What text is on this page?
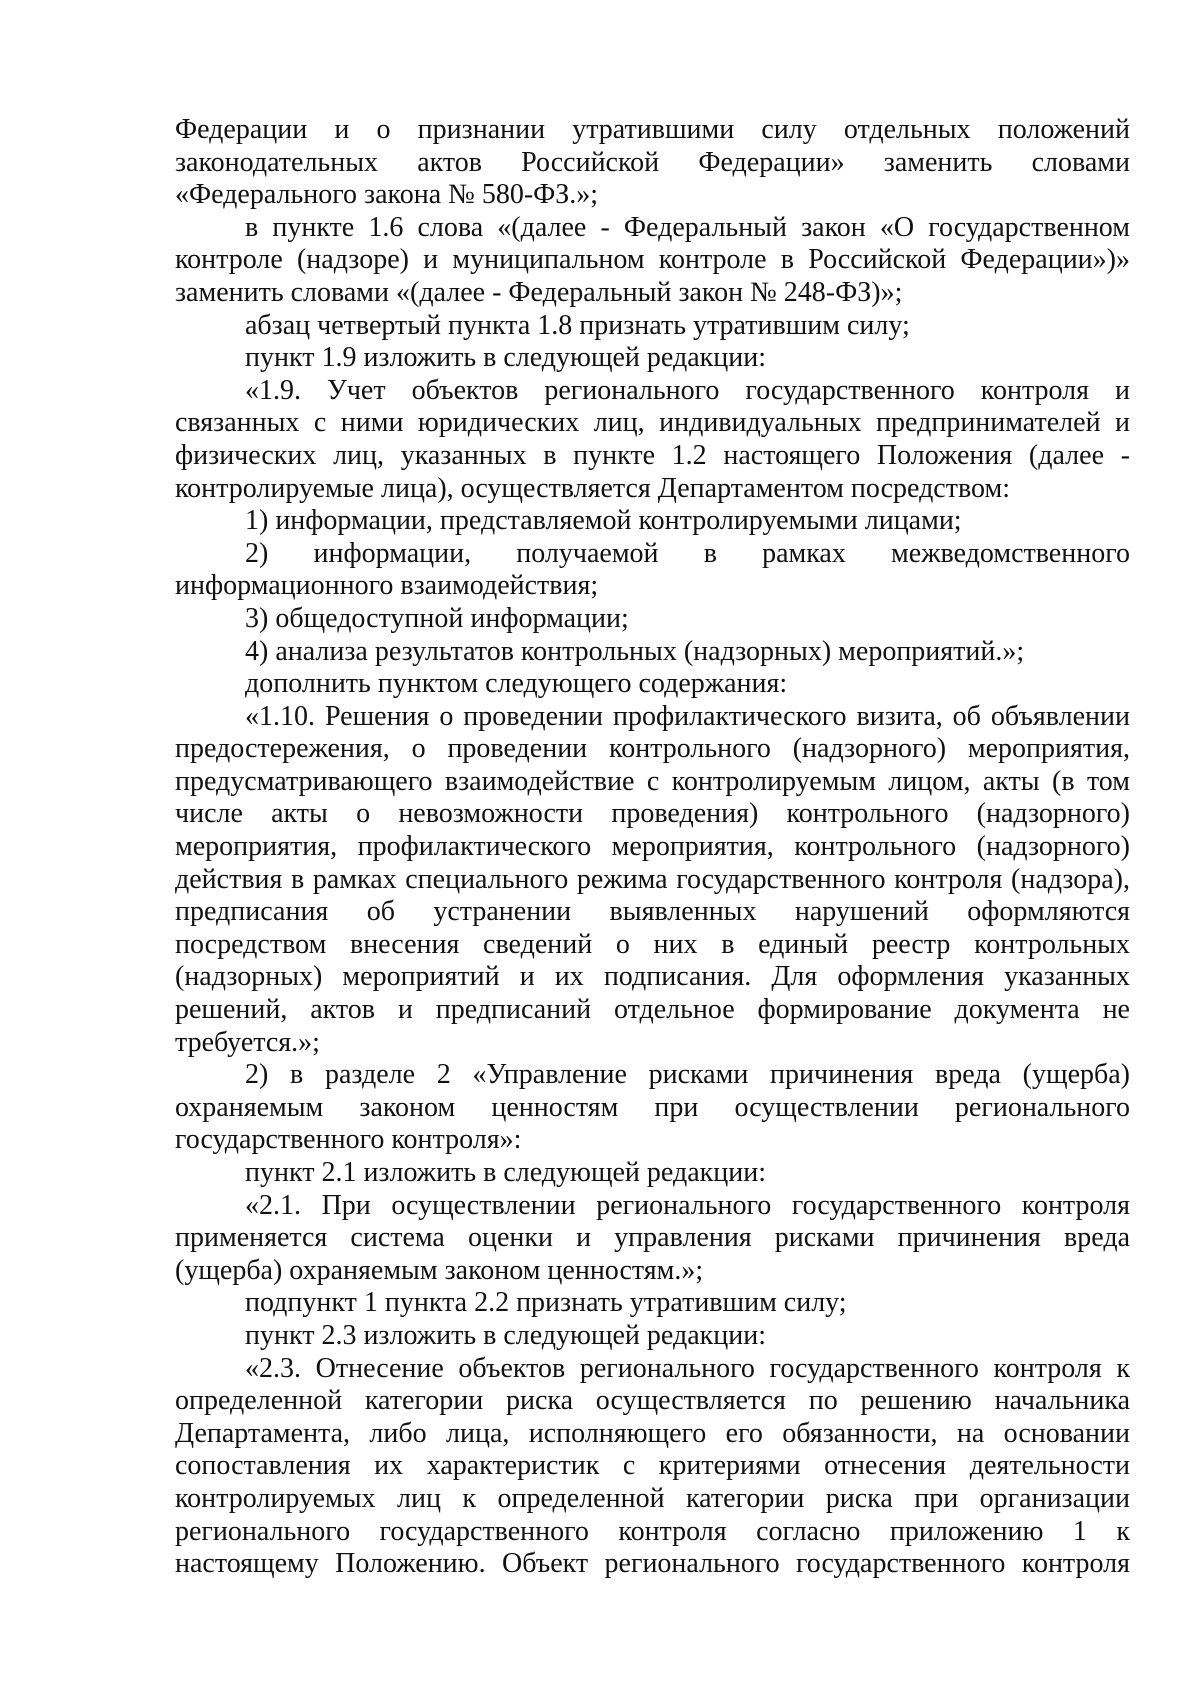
Федерации и о признании утратившими силу отдельных положений законодательных актов Российской Федерации» заменить словами «Федерального закона № 580-ФЗ.»;

в пункте 1.6 слова «(далее - Федеральный закон «О государственном контроле (надзоре) и муниципальном контроле в Российской Федерации»)» заменить словами «(далее - Федеральный закон № 248-ФЗ)»;

абзац четвертый пункта 1.8 признать утратившим силу;

пункт 1.9 изложить в следующей редакции:

«1.9. Учет объектов регионального государственного контроля и связанных с ними юридических лиц, индивидуальных предпринимателей и физических лиц, указанных в пункте 1.2 настоящего Положения (далее - контролируемые лица), осуществляется Департаментом посредством:

1) информации, представляемой контролируемыми лицами;

2) информации, получаемой в рамках межведомственного информационного взаимодействия;

3) общедоступной информации;

4) анализа результатов контрольных (надзорных) мероприятий.»;

дополнить пунктом следующего содержания:

«1.10. Решения о проведении профилактического визита, об объявлении предостережения, о проведении контрольного (надзорного) мероприятия, предусматривающего взаимодействие с контролируемым лицом, акты (в том числе акты о невозможности проведения) контрольного (надзорного) мероприятия, профилактического мероприятия, контрольного (надзорного) действия в рамках специального режима государственного контроля (надзора), предписания об устранении выявленных нарушений оформляются посредством внесения сведений о них в единый реестр контрольных (надзорных) мероприятий и их подписания. Для оформления указанных решений, актов и предписаний отдельное формирование документа не требуется.»;

2) в разделе 2 «Управление рисками причинения вреда (ущерба) охраняемым законом ценностям при осуществлении регионального государственного контроля»:

пункт 2.1 изложить в следующей редакции:

«2.1. При осуществлении регионального государственного контроля применяется система оценки и управления рисками причинения вреда (ущерба) охраняемым законом ценностям.»;

подпункт 1 пункта 2.2 признать утратившим силу;

пункт 2.3 изложить в следующей редакции:

«2.3. Отнесение объектов регионального государственного контроля к определенной категории риска осуществляется по решению начальника Департамента, либо лица, исполняющего его обязанности, на основании сопоставления их характеристик с критериями отнесения деятельности контролируемых лиц к определенной категории риска при организации регионального государственного контроля согласно приложению 1 к настоящему Положению. Объект регионального государственного контроля
